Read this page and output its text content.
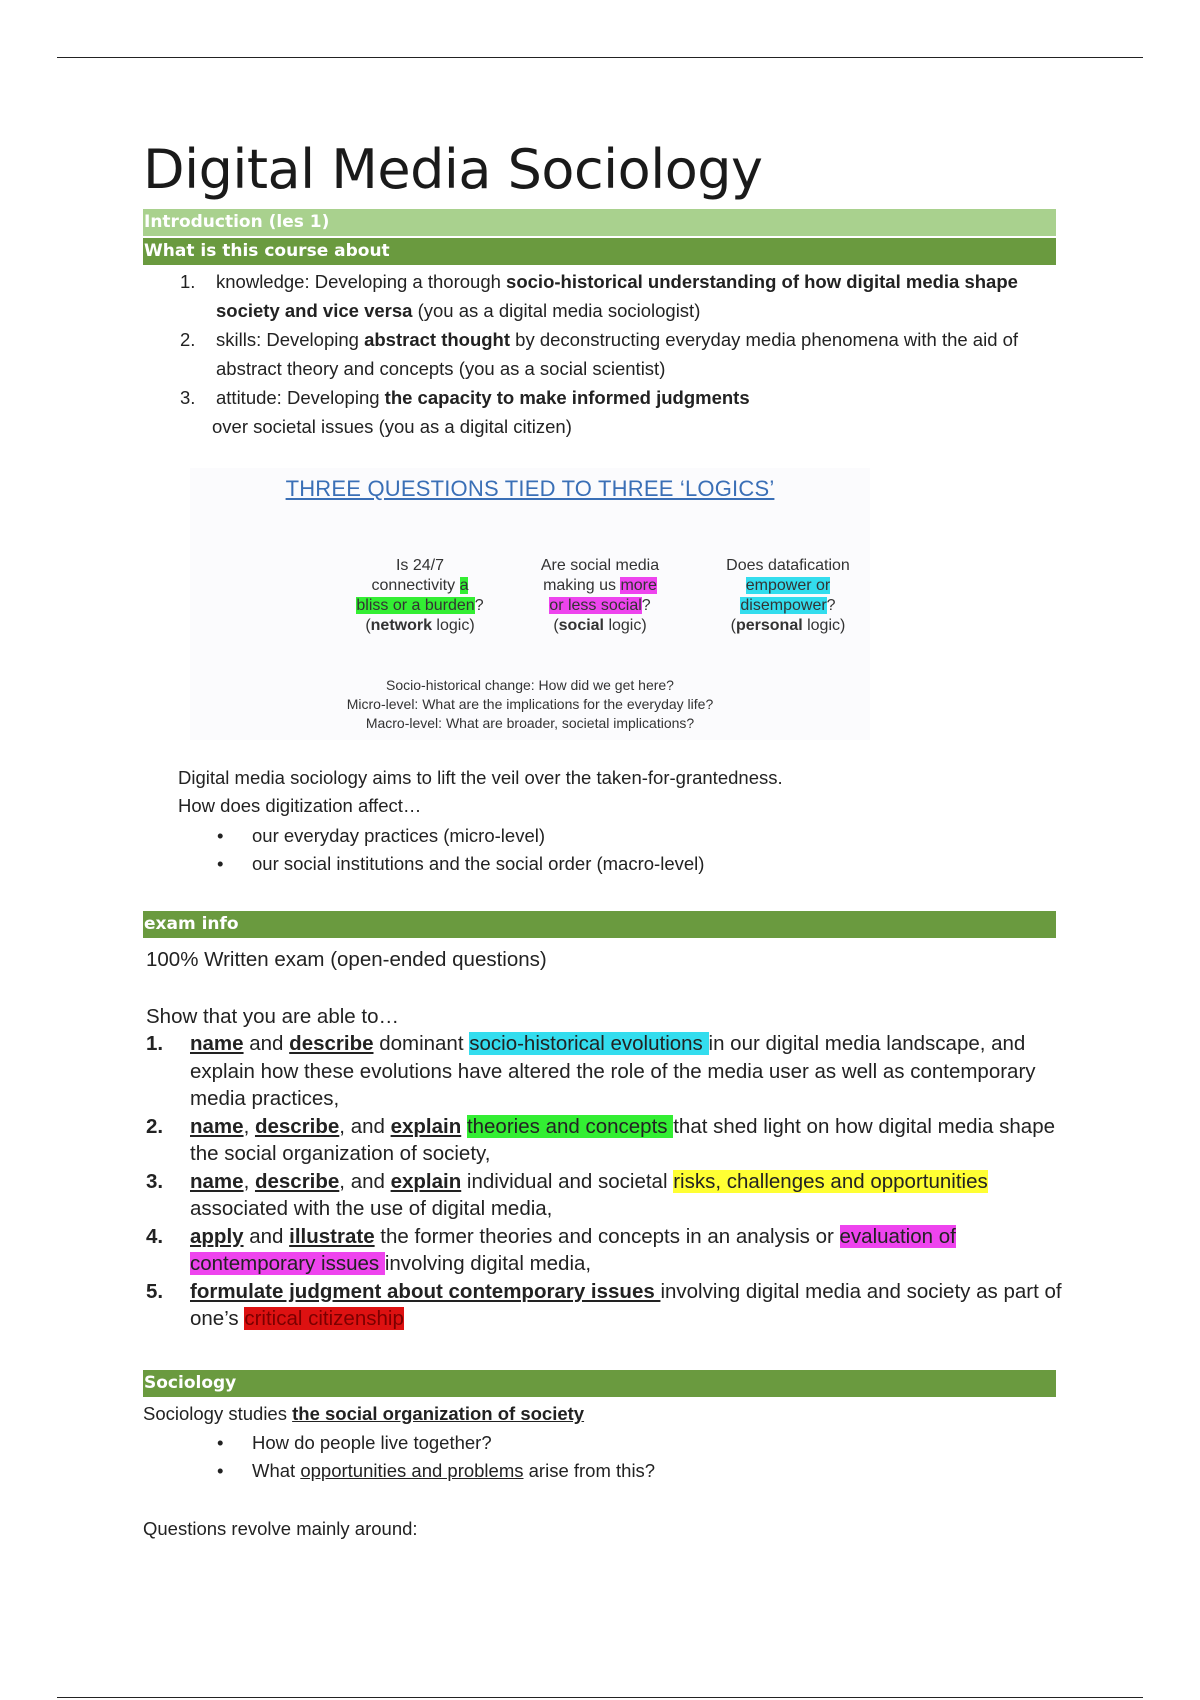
Digital Media Sociology
Introduction (les 1)
What is this course about
1. knowledge: Developing a thorough socio-historical understanding of how digital media shape society and vice versa (you as a digital media sociologist)
2. skills: Developing abstract thought by deconstructing everyday media phenomena with the aid of abstract theory and concepts (you as a social scientist)
3. attitude: Developing the capacity to make informed judgments
over societal issues (you as a digital citizen)
THREE QUESTIONS TIED TO THREE ‘LOGICS’
Is 24/7
connectivity a
bliss or a burden?
(network logic)
Are social media
making us more
or less social?
(social logic)
Does datafication
empower or
disempower?
(personal logic)
Socio-historical change: How did we get here?
Micro-level: What are the implications for the everyday life?
Macro-level: What are broader, societal implications?

Digital media sociology aims to lift the veil over the taken-for-grantedness.

How does digitization affect…

• our everyday practices (micro-level)
• our social institutions and the social order (macro-level)
exam info

100% Written exam (open-ended questions)

Show that you are able to…

1. name and describe dominant socio-historical evolutions in our digital media landscape, and explain how these evolutions have altered the role of the media user as well as contemporary media practices,
2. name, describe, and explain theories and concepts that shed light on how digital media shape the social organization of society,
3. name, describe, and explain individual and societal risks, challenges and opportunities associated with the use of digital media,
4. apply and illustrate the former theories and concepts in an analysis or evaluation of contemporary issues involving digital media,
5. formulate judgment about contemporary issues involving digital media and society as part of one’s critical citizenship
Sociology

Sociology studies the social organization of society

• How do people live together?
• What opportunities and problems arise from this?

Questions revolve mainly around:
